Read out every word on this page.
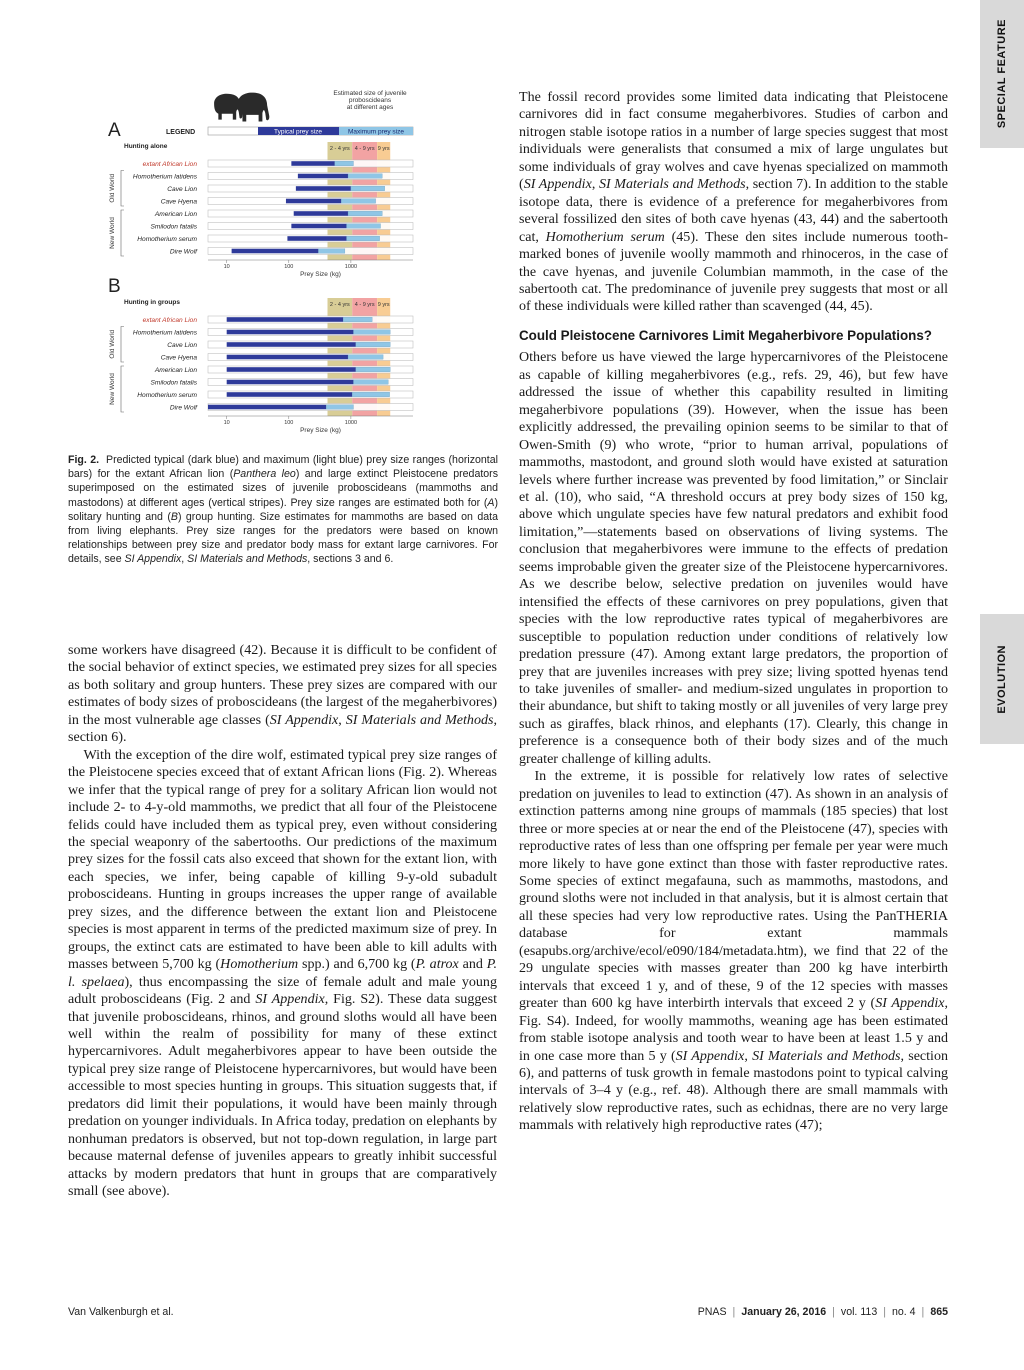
SPECIAL FEATURE
EVOLUTION
Estimated size of juvenile
proboscideans
at different ages
LEGEND	Typical prey size	Maximum prey size
A
Hunting alone	2 - 4 yrs 4 - 9 yrs 9 yrs
Old World
New World
extant African Lion
Homotherium latidens
Cave Lion
Cave Hyena
American Lion
Smilodon fatalis
Homotherium serum
Dire Wolf
10	100	1000
Prey Size (kg)
B
Hunting in groups	2 - 4 yrs 4 - 9 yrs 9 yrs
Old World
New World
extant African Lion
Homotherium latidens
Cave Lion
Cave Hyena
American Lion
Smilodon fatalis
Homotherium serum
Dire Wolf
10	100	1000
Prey Size (kg)
Fig. 2. Predicted typical (dark blue) and maximum (light blue) prey size ranges (horizontal bars) for the extant African lion (Panthera leo) and large extinct Pleistocene predators superimposed on the estimated sizes of juvenile proboscideans (mammoths and mastodons) at different ages (vertical stripes). Prey size ranges are estimated both for (A) solitary hunting and (B) group hunting. Size estimates for mammoths are based on data from living elephants. Prey size ranges for the predators were based on known relationships between prey size and predator body mass for extant large carnivores. For details, see SI Appendix, SI Materials and Methods, sections 3 and 6.

some workers have disagreed (42). Because it is difficult to be confident of the social behavior of extinct species, we estimated prey sizes for all species as both solitary and group hunters. These prey sizes are compared with our estimates of body sizes of proboscideans (the largest of the megaherbivores) in the most vulnerable age classes (SI Appendix, SI Materials and Methods, section 6).

With the exception of the dire wolf, estimated typical prey size ranges of the Pleistocene species exceed that of extant African lions (Fig. 2). Whereas we infer that the typical range of prey for a solitary African lion would not include 2- to 4-y-old mammoths, we predict that all four of the Pleistocene felids could have included them as typical prey, even without considering the special weaponry of the sabertooths. Our predictions of the maximum prey sizes for the fossil cats also exceed that shown for the extant lion, with each species, we infer, being capable of killing 9-y-old subadult proboscideans. Hunting in groups increases the upper range of available prey sizes, and the difference between the extant lion and Pleistocene species is most apparent in terms of the predicted maximum size of prey. In groups, the extinct cats are estimated to have been able to kill adults with masses between 5,700 kg (Homotherium spp.) and 6,700 kg (P. atrox and P. l. spelaea), thus encompassing the size of female adult and male young adult proboscideans (Fig. 2 and SI Appendix, Fig. S2). These data suggest that juvenile proboscideans, rhinos, and ground sloths would all have been well within the realm of possibility for many of these extinct hypercarnivores. Adult megaherbivores appear to have been outside the typical prey size range of Pleistocene hypercarnivores, but would have been accessible to most species hunting in groups. This situation suggests that, if predators did limit their populations, it would have been mainly through predation on younger individuals. In Africa today, predation on elephants by nonhuman predators is observed, but not top-down regulation, in large part because maternal defense of juveniles appears to greatly inhibit successful attacks by modern predators that hunt in groups that are comparatively small (see above).

The fossil record provides some limited data indicating that Pleistocene carnivores did in fact consume megaherbivores. Studies of carbon and nitrogen stable isotope ratios in a number of large species suggest that most individuals were generalists that consumed a mix of large ungulates but some individuals of gray wolves and cave hyenas specialized on mammoth (SI Appendix, SI Materials and Methods, section 7). In addition to the stable isotope data, there is evidence of a preference for megaherbivores from several fossilized den sites of both cave hyenas (43, 44) and the sabertooth cat, Homotherium serum (45). These den sites include numerous tooth-marked bones of juvenile woolly mammoth and rhinoceros, in the case of the cave hyenas, and juvenile Columbian mammoth, in the case of the sabertooth cat. The predominance of juvenile prey suggests that most or all of these individuals were killed rather than scavenged (44, 45).

Could Pleistocene Carnivores Limit Megaherbivore Populations?

Others before us have viewed the large hypercarnivores of the Pleistocene as capable of killing megaherbivores (e.g., refs. 29, 46), but few have addressed the issue of whether this capability resulted in limiting megaherbivore populations (39). However, when the issue has been explicitly addressed, the prevailing opinion seems to be similar to that of Owen-Smith (9) who wrote, “prior to human arrival, populations of mammoths, mastodont, and ground sloth would have existed at saturation levels where further increase was prevented by food limitation,” or Sinclair et al. (10), who said, “A threshold occurs at prey body sizes of 150 kg, above which ungulate species have few natural predators and exhibit food limitation,”—statements based on observations of living systems. The conclusion that megaherbivores were immune to the effects of predation seems improbable given the greater size of the Pleistocene hypercarnivores. As we describe below, selective predation on juveniles would have intensified the effects of these carnivores on prey populations, given that species with the low reproductive rates typical of megaherbivores are susceptible to population reduction under conditions of relatively low predation pressure (47). Among extant large predators, the proportion of prey that are juveniles increases with prey size; living spotted hyenas tend to take juveniles of smaller- and medium-sized ungulates in proportion to their abundance, but shift to taking mostly or all juveniles of very large prey such as giraffes, black rhinos, and elephants (17). Clearly, this change in preference is a consequence both of their body sizes and of the much greater challenge of killing adults.

In the extreme, it is possible for relatively low rates of selective predation on juveniles to lead to extinction (47). As shown in an analysis of extinction patterns among nine groups of mammals (185 species) that lost three or more species at or near the end of the Pleistocene (47), species with reproductive rates of less than one offspring per female per year were much more likely to have gone extinct than those with faster reproductive rates. Some species of extinct megafauna, such as mammoths, mastodons, and ground sloths were not included in that analysis, but it is almost certain that all these species had very low reproductive rates. Using the PanTHERIA database for extant mammals (esapubs.org/archive/ecol/e090/184/metadata.htm), we find that 22 of the 29 ungulate species with masses greater than 200 kg have interbirth intervals that exceed 1 y, and of these, 9 of the 12 species with masses greater than 600 kg have interbirth intervals that exceed 2 y (SI Appendix, Fig. S4). Indeed, for woolly mammoths, weaning age has been estimated from stable isotope analysis and tooth wear to have been at least 1.5 y and in one case more than 5 y (SI Appendix, SI Materials and Methods, section 6), and patterns of tusk growth in female mastodons point to typical calving intervals of 3–4 y (e.g., ref. 48). Although there are small mammals with relatively slow reproductive rates, such as echidnas, there are no very large mammals with relatively high reproductive rates (47);

Van Valkenburgh et al.	PNAS | January 26, 2016 | vol. 113 | no. 4 | 865
